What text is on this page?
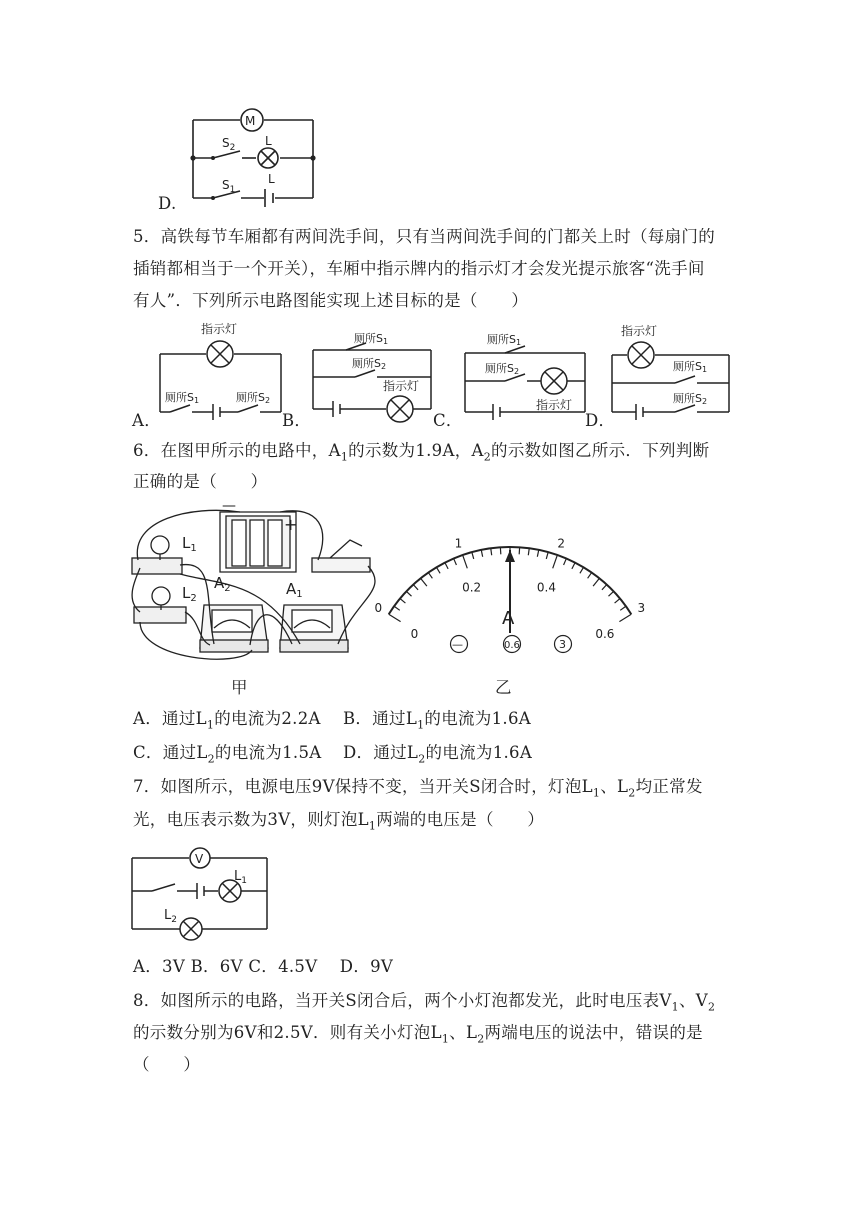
D.
M
$S_2$ L
$S_1$
L
5．高铁每节车厢都有两间洗手间，只有当两间洗手间的门都关上时（每扇门的
插销都相当于一个开关），车厢中指示牌内的指示灯才会发光提示旅客“洗手间
有人”．下列所示电路图能实现上述目标的是（　　）
A．	B．	C．	D．
指示灯
厕所S1	厕所S2
厕所S1
厕所S2
指示灯
厕所S1
厕所S2
指示灯
指示灯
厕所S1
厕所S2
6．在图甲所示的电路中，$A_1$的示数为1.9A，$A_2$的示数如图乙所示．下列判断
正确的是（　　）
—
+
$L_1$
$L_2$
$A_2$	$A_1$
甲
0
1	2
3
0
0.2	0.4
0.6
A
—	0.6	3
乙
A．通过$L_1$的电流为2.2A B．通过$L_1$的电流为1.6A
C．通过$L_2$的电流为1.5A D．通过$L_2$的电流为1.6A
7．如图所示，电源电压9V保持不变，当开关S闭合时，灯泡$L_1$、$L_2$均正常发
光，电压表示数为3V，则灯泡$L_1$两端的电压是（　　）
V
$L_1$
$L_2$
A．3V B．6V C．4.5V　 D．9V
8．如图所示的电路，当开关S闭合后，两个小灯泡都发光，此时电压表$V_1$、$V_2$
的示数分别为6V和2.5V．则有关小灯泡$L_1$、$L_2$两端电压的说法中，错误的是
（　　）
